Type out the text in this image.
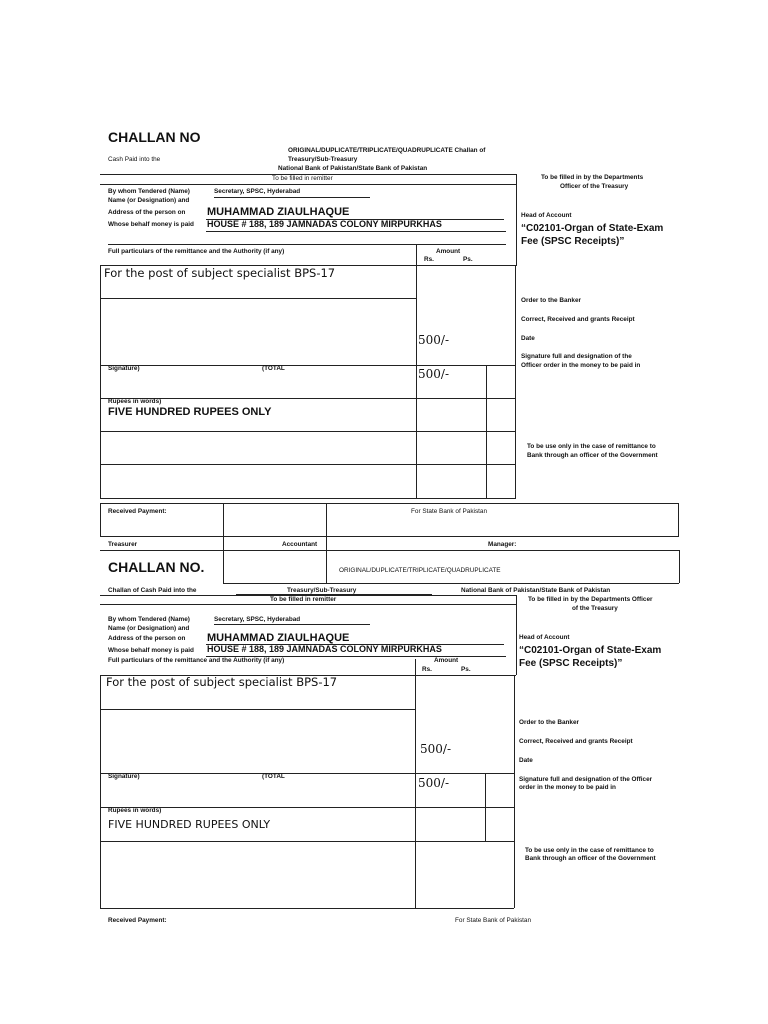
CHALLAN NO
Cash Paid into the
ORIGINAL/DUPLICATE/TRIPLICATE/QUADRUPLICATE Challan of
Treasury/Sub-Treasury
National Bank of Pakistan/State Bank of Pakistan
To be filled in remitter	To be filled in by the Departments
Officer of the Treasury
By whom Tendered (Name)	Secretary, SPSC, Hyderabad
Name (or Designation) and
Address of the person on MUHAMMAD ZIAULHAQUE
Whose behalf money is paid HOUSE # 188, 189 JAMNADAS COLONY MIRPURKHAS
Head of Account
“C02101-Organ of State-Exam
Fee (SPSC Receipts)”
Full particulars of the remittance and the Authority (if any)	Amount
Rs.	Ps.
For the post of subject specialist BPS-17
Order to the Banker
Correct, Received and grants Receipt
Date
500/-
Signature full and designation of the
Officer order in the money to be paid in
Signature)	(TOTAL	500/-
Rupees in words)
FIVE HUNDRED RUPEES ONLY
To be use only in the case of remittance to
Bank through an officer of the Government
Received Payment:	For State Bank of Pakistan
Treasurer	Accountant	Manager:
CHALLAN NO.	ORIGINAL/DUPLICATE/TRIPLICATE/QUADRUPLICATE
Challan of Cash Paid into the	Treasury/Sub-Treasury	National Bank of Pakistan/State Bank of Pakistan
To be filled in remitter	To be filled in by the Departments Officer
of the Treasury
By whom Tendered (Name)	Secretary, SPSC, Hyderabad
Name (or Designation) and
Address of the person on MUHAMMAD ZIAULHAQUE
Whose behalf money is paid HOUSE # 188, 189 JAMNADAS COLONY MIRPURKHAS
Head of Account
“C02101-Organ of State-Exam
Fee (SPSC Receipts)”
Full particulars of the remittance and the Authority (if any)	Amount
Rs.	Ps.
For the post of subject specialist BPS-17
Order to the Banker
Correct, Received and grants Receipt
500/-
Date
Signature)	(TOTAL	500/-	Signature full and designation of the Officer
order in the money to be paid in
Rupees in words)
FIVE HUNDRED RUPEES ONLY
To be use only in the case of remittance to
Bank through an officer of the Government
Received Payment:	For State Bank of Pakistan
